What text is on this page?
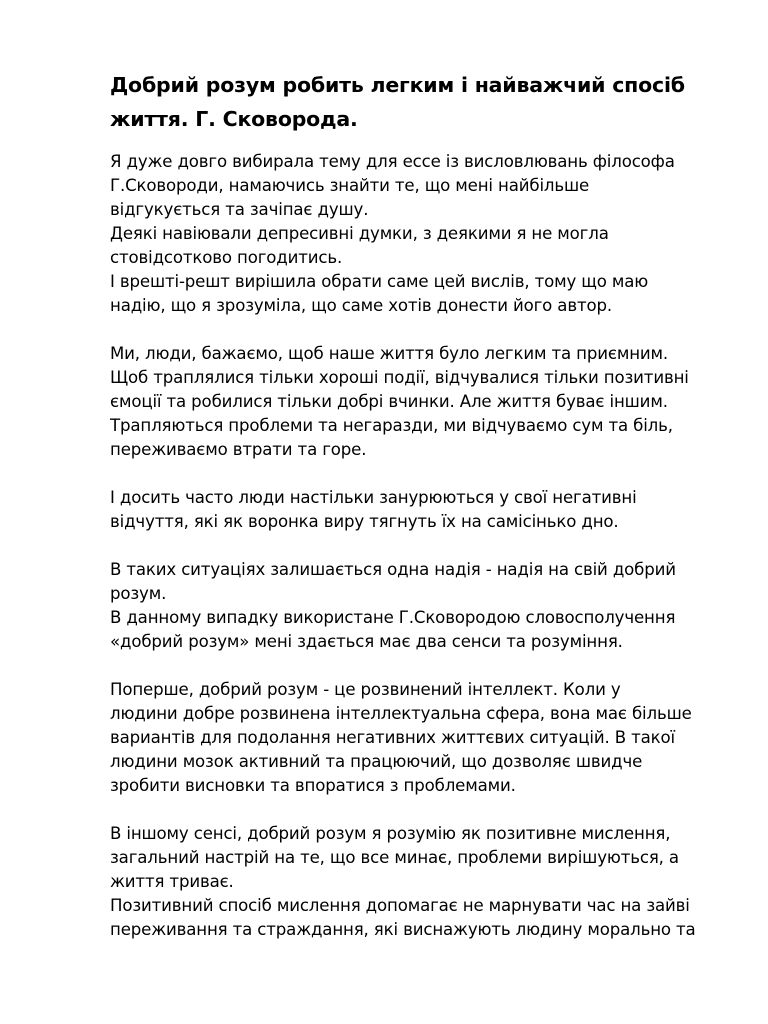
Добрий розум робить легким і найважчий спосіб життя. Г. Сковорода.
Я дуже довго вибирала тему для ессе із висловлювань філософа
Г.Сковороди, намаючись знайти те, що мені найбільше
відгукується та зачіпає душу.
Деякі навіювали депресивні думки, з деякими я не могла
стовідсотково погодитись.
І врешті-решт вирішила обрати саме цей вислів, тому що маю
надію, що я зрозуміла, що саме хотів донести його автор.
Ми, люди, бажаємо, щоб наше життя було легким та приємним.
Щоб траплялися тільки хороші події, відчувалися тільки позитивні
ємоції та робилися тільки добрі вчинки. Але життя буває іншим.
Трапляються проблеми та негаразди, ми відчуваємо сум та біль,
переживаємо втрати та горе.
І досить часто люди настільки занурюються у свої негативні
відчуття, які як воронка виру тягнуть їх на самісінько дно.
В таких ситуаціях залишається одна надія - надія на свій добрий
розум.
В данному випадку використане Г.Сковородою словосполучення
«добрий розум» мені здається має два сенси та розуміння.
Поперше, добрий розум - це розвинений інтеллект. Коли у
людини добре розвинена інтеллектуальна сфера, вона має більше
вариантів для подолання негативних життєвих ситуацій. В такої
людини мозок активний та працюючий, що дозволяє швидче
зробити висновки та впоратися з проблемами.
В іншому сенсі, добрий розум я розумію як позитивне мислення,
загальний настрій на те, що все минає, проблеми вирішуються, а
життя триває.
Позитивний спосіб мислення допомагає не марнувати час на зайві
переживання та страждання, які виснажують людину морально та
